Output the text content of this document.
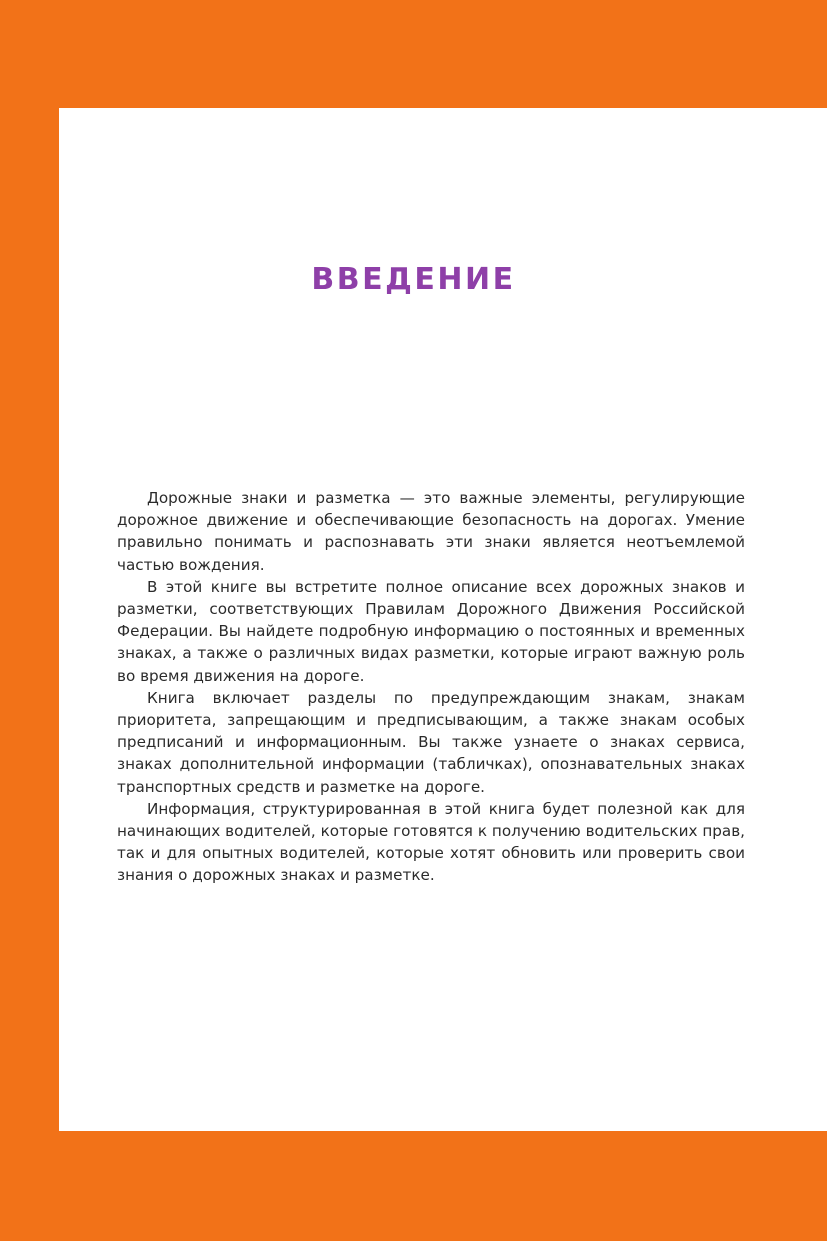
ВВЕДЕНИЕ

Дорожные знаки и разметка — это важные элементы, регулирующие дорожное движение и обеспечивающие безопасность на дорогах. Умение правильно понимать и распознавать эти знаки является неотъемлемой частью вождения.

В этой книге вы встретите полное описание всех дорожных знаков и разметки, соответствующих Правилам Дорожного Движения Российской Федерации. Вы найдете подробную информацию о постоянных и временных знаках, а также о различных видах разметки, которые играют важную роль во время движения на дороге.

Книга включает разделы по предупреждающим знакам, знакам приоритета, запрещающим и предписывающим, а также знакам особых предписаний и информационным. Вы также узнаете о знаках сервиса, знаках дополнительной информации (табличках), опознавательных знаках транспортных средств и разметке на дороге.

Информация, структурированная в этой книга будет полезной как для начинающих водителей, которые готовятся к получению водительских прав, так и для опытных водителей, которые хотят обновить или проверить свои знания о дорожных знаках и разметке.
